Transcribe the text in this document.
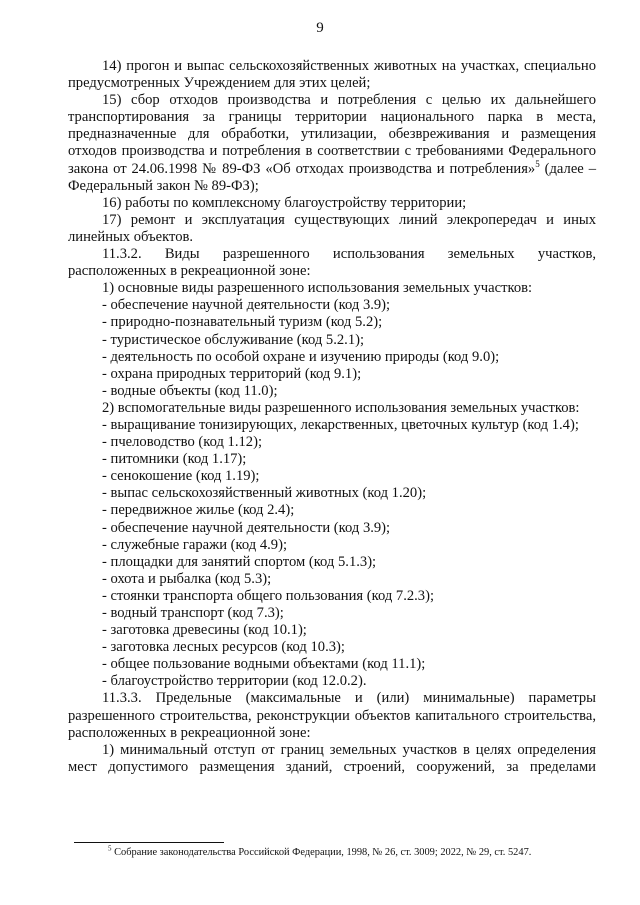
9

14) прогон и выпас сельскохозяйственных животных на участках, специально предусмотренных Учреждением для этих целей;

15) сбор отходов производства и потребления с целью их дальнейшего транспортирования за границы территории национального парка в места, предназначенные для обработки, утилизации, обезвреживания и размещения отходов производства и потребления в соответствии с требованиями Федерального закона от 24.06.1998 № 89-ФЗ «Об отходах производства и потребления»$^5$ (далее – Федеральный закон № 89-ФЗ);

16) работы по комплексному благоустройству территории;

17) ремонт и эксплуатация существующих линий элекропередач и иных линейных объектов.

11.3.2. Виды разрешенного использования земельных участков, расположенных в рекреационной зоне:

1) основные виды разрешенного использования земельных участков:

- обеспечение научной деятельности (код 3.9);

- природно-познавательный туризм (код 5.2);

- туристическое обслуживание (код 5.2.1);

- деятельность по особой охране и изучению природы (код 9.0);

- охрана природных территорий (код 9.1);

- водные объекты (код 11.0);

2) вспомогательные виды разрешенного использования земельных участков:

- выращивание тонизирующих, лекарственных, цветочных культур (код 1.4);

- пчеловодство (код 1.12);

- питомники (код 1.17);

- сенокошение (код 1.19);

- выпас сельскохозяйственный животных (код 1.20);

- передвижное жилье (код 2.4);

- обеспечение научной деятельности (код 3.9);

- служебные гаражи (код 4.9);

- площадки для занятий спортом (код 5.1.3);

- охота и рыбалка (код 5.3);

- стоянки транспорта общего пользования (код 7.2.3);

- водный транспорт (код 7.3);

- заготовка древесины (код 10.1);

- заготовка лесных ресурсов (код 10.3);

- общее пользование водными объектами (код 11.1);

- благоустройство территории (код 12.0.2).

11.3.3. Предельные (максимальные и (или) минимальные) параметры разрешенного строительства, реконструкции объектов капитального строительства, расположенных в рекреационной зоне:

1) минимальный отступ от границ земельных участков в целях определения мест допустимого размещения зданий, строений, сооружений, за пределами

$^5$ Собрание законодательства Российской Федерации, 1998, № 26, ст. 3009; 2022, № 29, ст. 5247.
